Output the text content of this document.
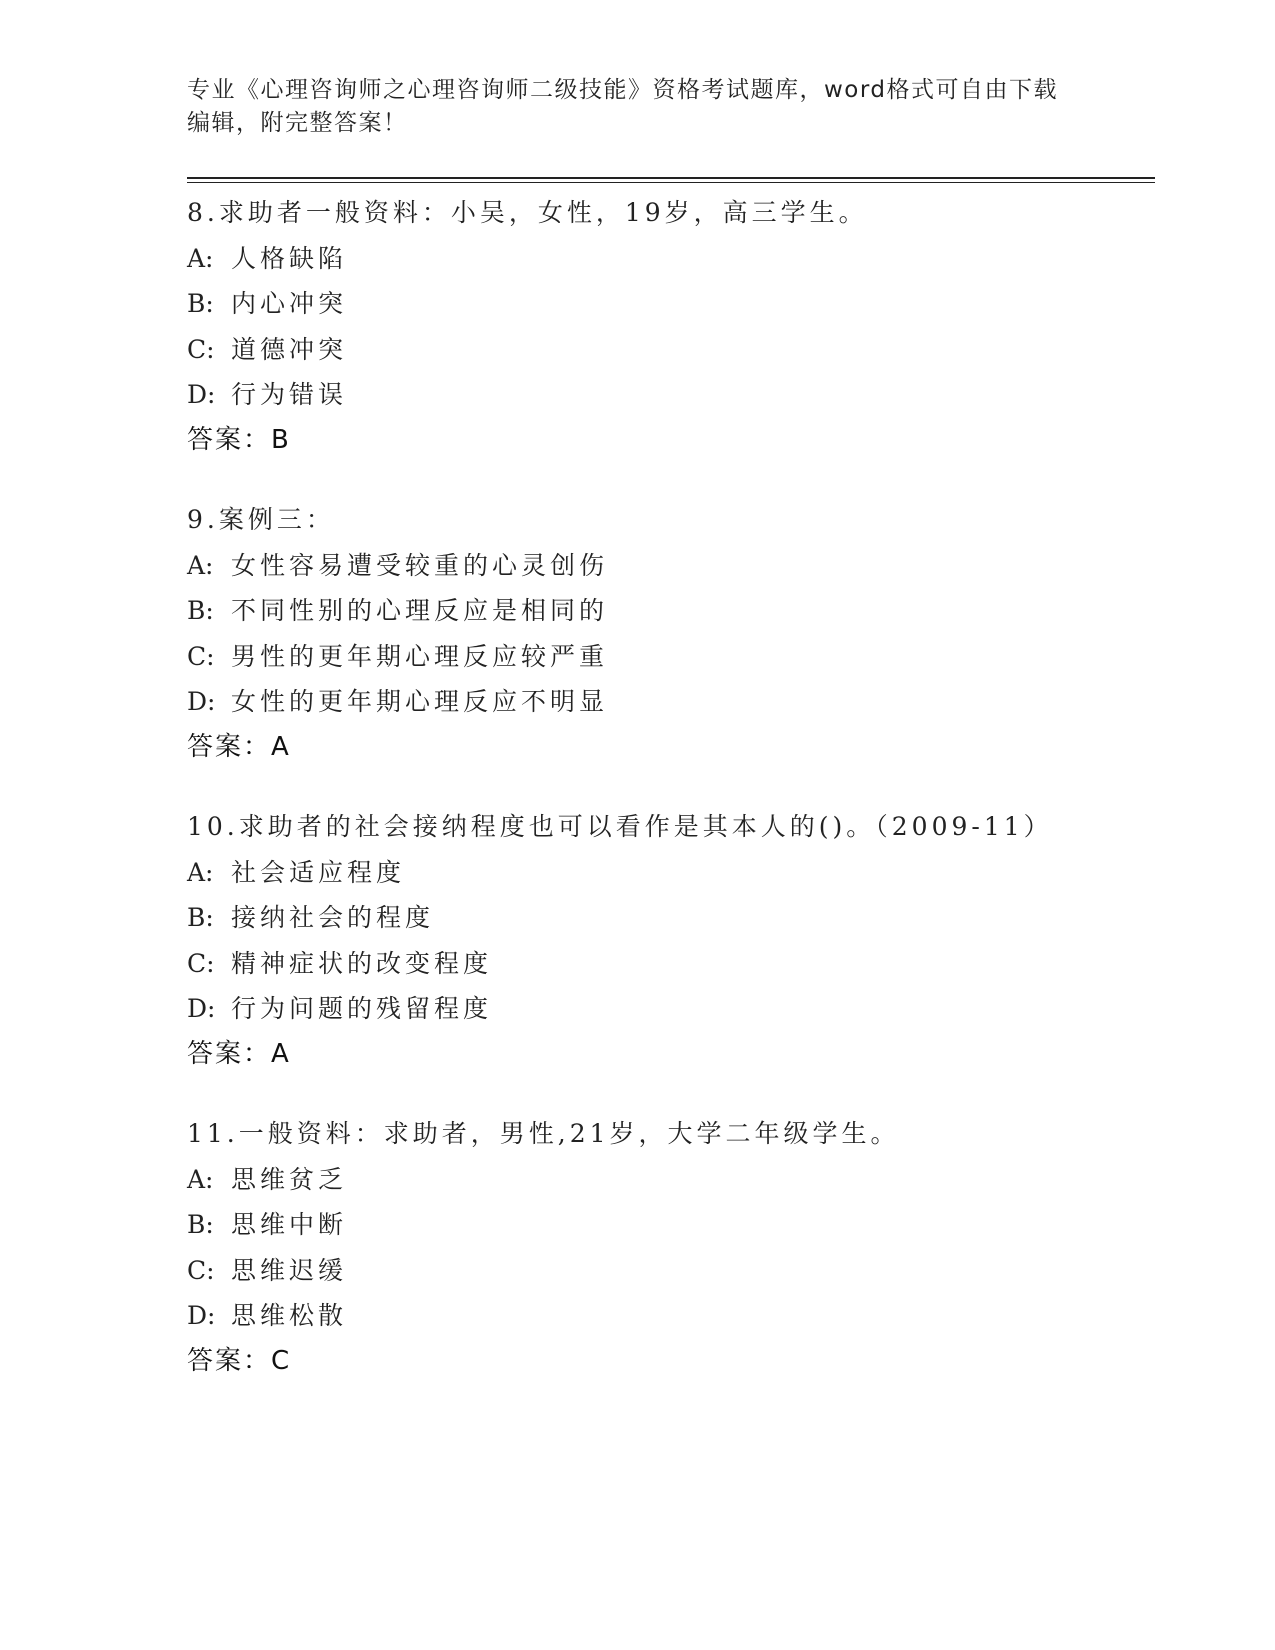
专业《心理咨询师之心理咨询师二级技能》资格考试题库，word格式可自由下载
编辑，附完整答案！
8.求助者一般资料：小吴，女性，19岁，高三学生。
A: 人格缺陷
B: 内心冲突
C: 道德冲突
D: 行为错误
答案：B
9.案例三：
A: 女性容易遭受较重的心灵创伤
B: 不同性别的心理反应是相同的
C: 男性的更年期心理反应较严重
D: 女性的更年期心理反应不明显
答案：A
10.求助者的社会接纳程度也可以看作是其本人的()。（2009-11）
A: 社会适应程度
B: 接纳社会的程度
C: 精神症状的改变程度
D: 行为问题的残留程度
答案：A
11.一般资料：求助者，男性,21岁，大学二年级学生。
A: 思维贫乏
B: 思维中断
C: 思维迟缓
D: 思维松散
答案：C
